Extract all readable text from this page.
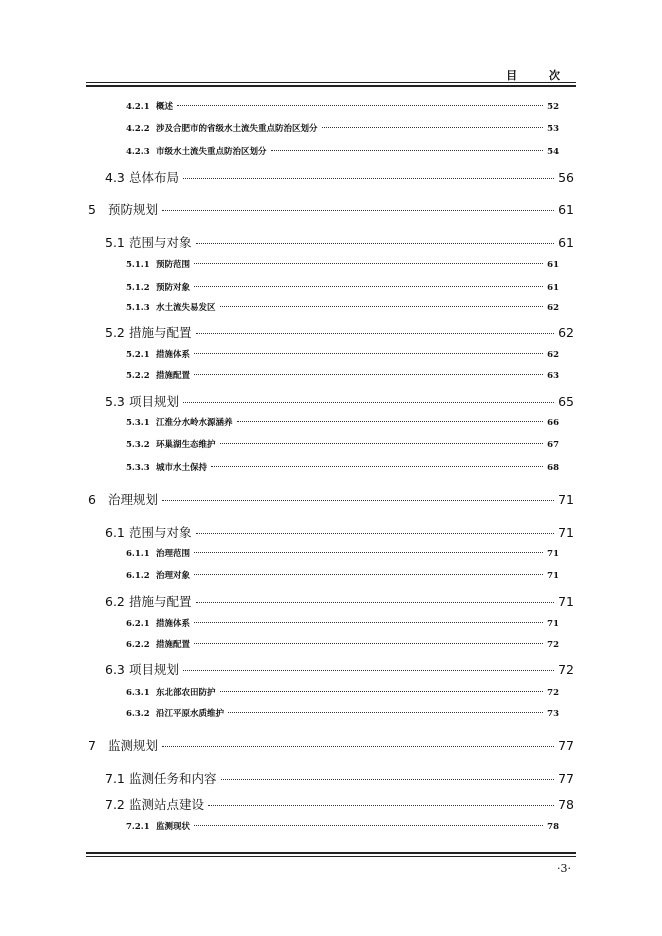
目 次
4.2.1 概述	52
4.2.2 涉及合肥市的省级水土流失重点防治区划分	53
4.2.3 市级水土流失重点防治区划分	54
4.3 总体布局	56
5 预防规划	61
5.1 范围与对象	61
5.1.1 预防范围	61
5.1.2 预防对象	61
5.1.3 水土流失易发区	62
5.2 措施与配置	62
5.2.1 措施体系	62
5.2.2 措施配置	63
5.3 项目规划	65
5.3.1 江淮分水岭水源涵养	66
5.3.2 环巢湖生态维护	67
5.3.3 城市水土保持	68
6 治理规划	71
6.1 范围与对象	71
6.1.1 治理范围	71
6.1.2 治理对象	71
6.2 措施与配置	71
6.2.1 措施体系	71
6.2.2 措施配置	72
6.3 项目规划	72
6.3.1 东北部农田防护	72
6.3.2 沿江平原水质维护	73
7 监测规划	77
7.1 监测任务和内容	77
7.2 监测站点建设	78
7.2.1 监测现状	78
·3·
